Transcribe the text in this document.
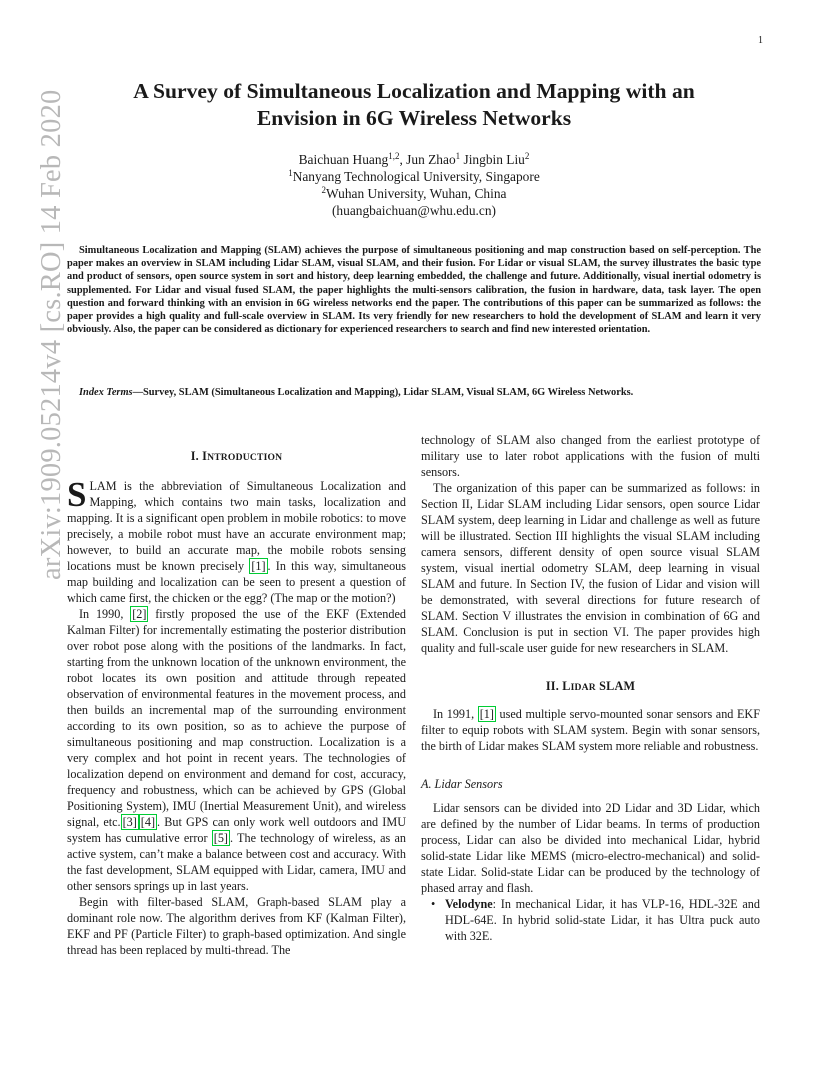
1
arXiv:1909.05214v4 [cs.RO] 14 Feb 2020	A Survey of Simultaneous Localization and Mapping with an
Envision in 6G Wireless Networks
Baichuan Huang$^{1,2}$, Jun Zhao$^1$ Jingbin Liu$^2$
$^1$Nanyang Technological University, Singapore
$^2$Wuhan University, Wuhan, China
(huangbaichuan@whu.edu.cn)

Simultaneous Localization and Mapping (SLAM) achieves the purpose of simultaneous positioning and map construction based on self-perception. The paper makes an overview in SLAM including Lidar SLAM, visual SLAM, and their fusion. For Lidar or visual SLAM, the survey illustrates the basic type and product of sensors, open source system in sort and history, deep learning embedded, the challenge and future. Additionally, visual inertial odometry is supplemented. For Lidar and visual fused SLAM, the paper highlights the multi-sensors calibration, the fusion in hardware, data, task layer. The open question and forward thinking with an envision in 6G wireless networks end the paper. The contributions of this paper can be summarized as follows: the paper provides a high quality and full-scale overview in SLAM. Its very friendly for new researchers to hold the development of SLAM and learn it very obviously. Also, the paper can be considered as dictionary for experienced researchers to search and find new interested orientation.

Index Terms—Survey, SLAM (Simultaneous Localization and Mapping), Lidar SLAM, Visual SLAM, 6G Wireless Networks.
I. INTRODUCTION

SLAM is the abbreviation of Simultaneous Localization and Mapping, which contains two main tasks, localization and mapping. It is a significant open problem in mobile robotics: to move precisely, a mobile robot must have an accurate environment map; however, to build an accurate map, the mobile robots sensing locations must be known precisely [1] . In this way, simultaneous map building and localization can be seen to present a question of which came first, the chicken or the egg? (The map or the motion?)

In 1990, [2] firstly proposed the use of the EKF (Extended Kalman Filter) for incrementally estimating the posterior distribution over robot pose along with the positions of the landmarks. In fact, starting from the unknown location of the unknown environment, the robot locates its own position and attitude through repeated observation of environmental features in the movement process, and then builds an incremental map of the surrounding environment according to its own position, so as to achieve the purpose of simultaneous positioning and map construction. Localization is a very complex and hot point in recent years. The technologies of localization depend on environment and demand for cost, accuracy, frequency and robustness, which can be achieved by GPS (Global Positioning System), IMU (Inertial Measurement Unit), and wireless signal, etc. [3] [4] . But GPS can only work well outdoors and IMU system has cumulative error [5] . The technology of wireless, as an active system, can’t make a balance between cost and accuracy. With the fast development, SLAM equipped with Lidar, camera, IMU and other sensors springs up in last years.

Begin with filter-based SLAM, Graph-based SLAM play a dominant role now. The algorithm derives from KF (Kalman Filter), EKF and PF (Particle Filter) to graph-based optimization. And single thread has been replaced by multi-thread. The

technology of SLAM also changed from the earliest prototype of military use to later robot applications with the fusion of multi sensors.

The organization of this paper can be summarized as follows: in Section II, Lidar SLAM including Lidar sensors, open source Lidar SLAM system, deep learning in Lidar and challenge as well as future will be illustrated. Section III highlights the visual SLAM including camera sensors, different density of open source visual SLAM system, visual inertial odometry SLAM, deep learning in visual SLAM and future. In Section IV, the fusion of Lidar and vision will be demonstrated, with several directions for future research of SLAM. Section V illustrates the envision in combination of 6G and SLAM. Conclusion is put in section VI. The paper provides high quality and full-scale user guide for new researchers in SLAM.

II. LIDAR SLAM

In 1991, [1] used multiple servo-mounted sonar sensors and EKF filter to equip robots with SLAM system. Begin with sonar sensors, the birth of Lidar makes SLAM system more reliable and robustness.

A. Lidar Sensors

Lidar sensors can be divided into 2D Lidar and 3D Lidar, which are defined by the number of Lidar beams. In terms of production process, Lidar can also be divided into mechanical Lidar, hybrid solid-state Lidar like MEMS (micro-electro-mechanical) and solid-state Lidar. Solid-state Lidar can be produced by the technology of phased array and flash.

• Velodyne: In mechanical Lidar, it has VLP-16, HDL-32E and HDL-64E. In hybrid solid-state Lidar, it has Ultra puck auto with 32E.
